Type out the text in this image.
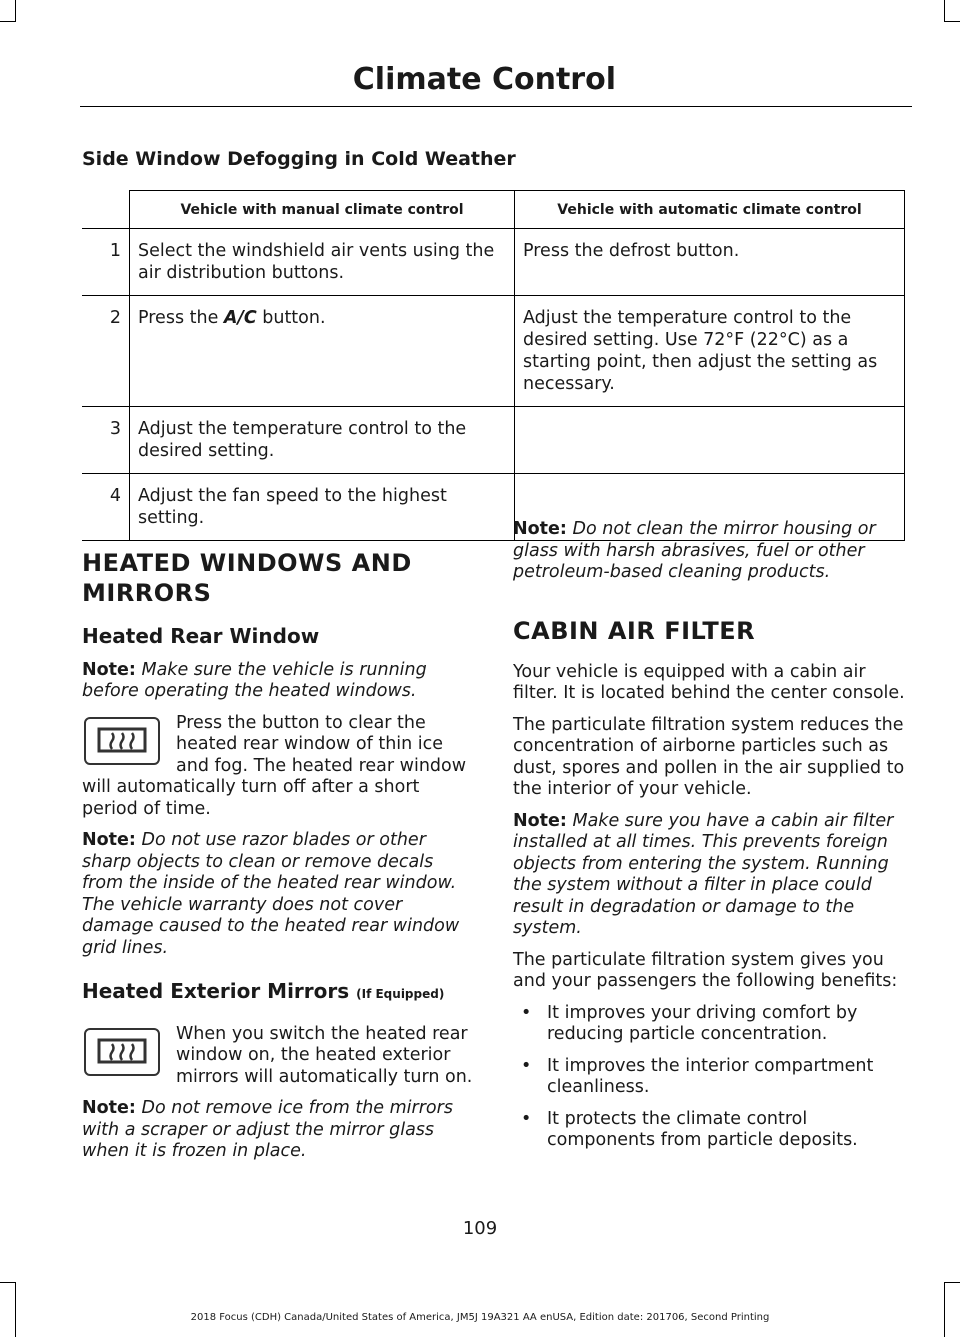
Climate Control
Side Window Defogging in Cold Weather
	Vehicle with manual climate control	Vehicle with automatic climate control
1	Select the windshield air vents using the air distribution buttons.	Press the defrost button.
2	Press the A/C button.	Adjust the temperature control to the desired setting. Use 72°F (22°C) as a starting point, then adjust the setting as necessary.
3	Adjust the temperature control to the desired setting.	
4	Adjust the fan speed to the highest setting.	
HEATED WINDOWS AND
MIRRORS
Heated Rear Window

Note: Make sure the vehicle is running before operating the heated windows.

Press the button to clear the heated rear window of thin ice and fog. The heated rear window will automatically turn off after a short period of time.

Note: Do not use razor blades or other sharp objects to clean or remove decals from the inside of the heated rear window. The vehicle warranty does not cover damage caused to the heated rear window grid lines.

Heated Exterior Mirrors (If Equipped)
When you switch the heated rear window on, the heated exterior mirrors will automatically turn on.

Note: Do not remove ice from the mirrors with a scraper or adjust the mirror glass when it is frozen in place.

Note: Do not clean the mirror housing or glass with harsh abrasives, fuel or other petroleum-based cleaning products.

CABIN AIR FILTER

Your vehicle is equipped with a cabin air filter. It is located behind the center console.

The particulate filtration system reduces the concentration of airborne particles such as dust, spores and pollen in the air supplied to the interior of your vehicle.

Note: Make sure you have a cabin air filter installed at all times. This prevents foreign objects from entering the system. Running the system without a filter in place could result in degradation or damage to the system.

The particulate filtration system gives you and your passengers the following benefits:

• It improves your driving comfort by reducing particle concentration.
• It improves the interior compartment cleanliness.
• It protects the climate control components from particle deposits.
109
2018 Focus (CDH) Canada/United States of America, JM5J 19A321 AA enUSA, Edition date: 201706, Second Printing
